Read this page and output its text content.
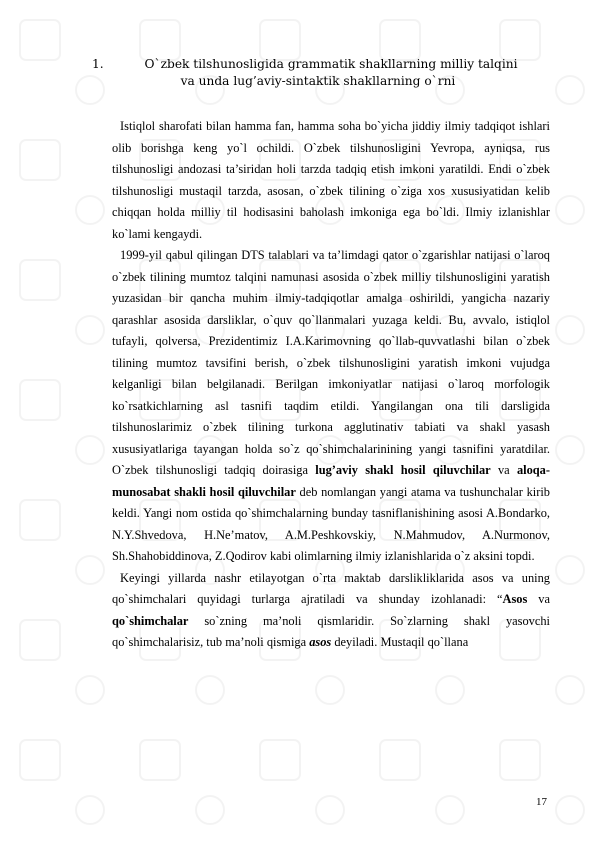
1.	O`zbek tilshunosligida grammatik shakllarning milliy talqini
va unda lug’aviy-sintaktik shakllarning o`rni

Istiqlol sharofati bilan hamma fan, hamma soha bo`yicha jiddiy ilmiy tadqiqot ishlari olib borishga keng yo`l ochildi. O`zbek tilshunosligini Yevropa, ayniqsa, rus tilshunosligi andozasi ta’siridan holi tarzda tadqiq etish imkoni yaratildi. Endi o`zbek tilshunosligi mustaqil tarzda, asosan, o`zbek tilining o`ziga xos xususiyatidan kelib chiqqan holda milliy til hodisasini baholash imkoniga ega bo`ldi. Ilmiy izlanishlar ko`lami kengaydi.

1999-yil qabul qilingan DTS talablari va ta’limdagi qator o`zgarishlar natijasi o`laroq o`zbek tilining mumtoz talqini namunasi asosida o`zbek milliy tilshunosligini yaratish yuzasidan bir qancha muhim ilmiy-tadqiqotlar amalga oshirildi, yangicha nazariy qarashlar asosida darsliklar, o`quv qo`llanmalari yuzaga keldi. Bu, avvalo, istiqlol tufayli, qolversa, Prezidentimiz I.A.Karimovning qo`llab-quvvatlashi bilan o`zbek tilining mumtoz tavsifini berish, o`zbek tilshunosligini yaratish imkoni vujudga kelganligi bilan belgilanadi. Berilgan imkoniyatlar natijasi o`laroq morfologik ko`rsatkichlarning asl tasnifi taqdim etildi. Yangilangan ona tili darsligida tilshunoslarimiz o`zbek tilining turkona agglutinativ tabiati va shakl yasash xususiyatlariga tayangan holda so`z qo`shimchalarinining yangi tasnifini yaratdilar. O`zbek tilshunosligi tadqiq doirasiga lug’aviy shakl hosil qiluvchilar va aloqa-munosabat shakli hosil qiluvchilar deb nomlangan yangi atama va tushunchalar kirib keldi. Yangi nom ostida qo`shimchalarning bunday tasniflanishining asosi A.Bondarko, N.Y.Shvedova, H.Ne’matov, A.M.Peshkovskiy, N.Mahmudov, A.Nurmonov, Sh.Shahobiddinova, Z.Qodirov kabi olimlarning ilmiy izlanishlarida o`z aksini topdi.

Keyingi yillarda nashr etilayotgan o`rta maktab darslikliklarida asos va uning qo`shimchalari quyidagi turlarga ajratiladi va shunday izohlanadi: “Asos va qo`shimchalar so`zning ma’noli qismlaridir. So`zlarning shakl yasovchi qo`shimchalarisiz, tub ma’noli qismiga asos deyiladi. Mustaqil qo`llana

17
